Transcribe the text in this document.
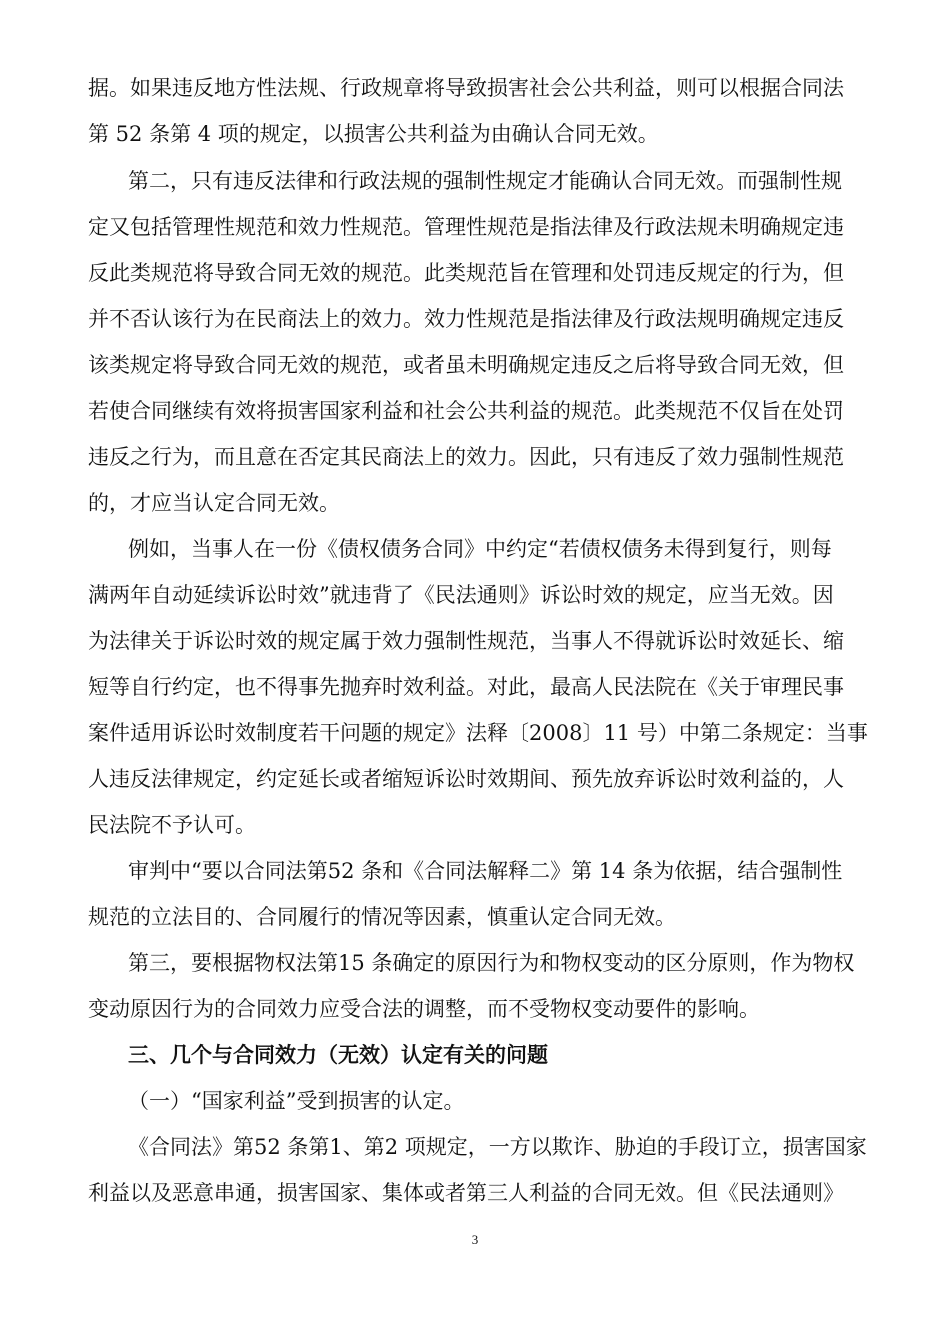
据。如果违反地方性法规、行政规章将导致损害社会公共利益，则可以根据合同法
第 52 条第 4 项的规定，以损害公共利益为由确认合同无效。
第二，只有违反法律和行政法规的强制性规定才能确认合同无效。而强制性规
定又包括管理性规范和效力性规范。管理性规范是指法律及行政法规未明确规定违
反此类规范将导致合同无效的规范。此类规范旨在管理和处罚违反规定的行为，但
并不否认该行为在民商法上的效力。效力性规范是指法律及行政法规明确规定违反
该类规定将导致合同无效的规范，或者虽未明确规定违反之后将导致合同无效，但
若使合同继续有效将损害国家利益和社会公共利益的规范。此类规范不仅旨在处罚
违反之行为，而且意在否定其民商法上的效力。因此，只有违反了效力强制性规范
的，才应当认定合同无效。
例如，当事人在一份《债权债务合同》中约定“若债权债务未得到复行，则每
满两年自动延续诉讼时效”就违背了《民法通则》诉讼时效的规定，应当无效。因
为法律关于诉讼时效的规定属于效力强制性规范，当事人不得就诉讼时效延长、缩
短等自行约定，也不得事先抛弃时效利益。对此，最高人民法院在《关于审理民事
案件适用诉讼时效制度若干问题的规定》法释〔2008〕11 号）中第二条规定：当事
人违反法律规定，约定延长或者缩短诉讼时效期间、预先放弃诉讼时效利益的，人
民法院不予认可。
审判中“要以合同法第52 条和《合同法解释二》第 14 条为依据，结合强制性
规范的立法目的、合同履行的情况等因素，慎重认定合同无效。
第三，要根据物权法第15 条确定的原因行为和物权变动的区分原则，作为物权
变动原因行为的合同效力应受合法的调整，而不受物权变动要件的影响。
三、几个与合同效力（无效）认定有关的问题
（一）“国家利益”受到损害的认定。
《合同法》第52 条第1、第2 项规定，一方以欺诈、胁迫的手段订立，损害国家
利益以及恶意串通，损害国家、集体或者第三人利益的合同无效。但《民法通则》
3
